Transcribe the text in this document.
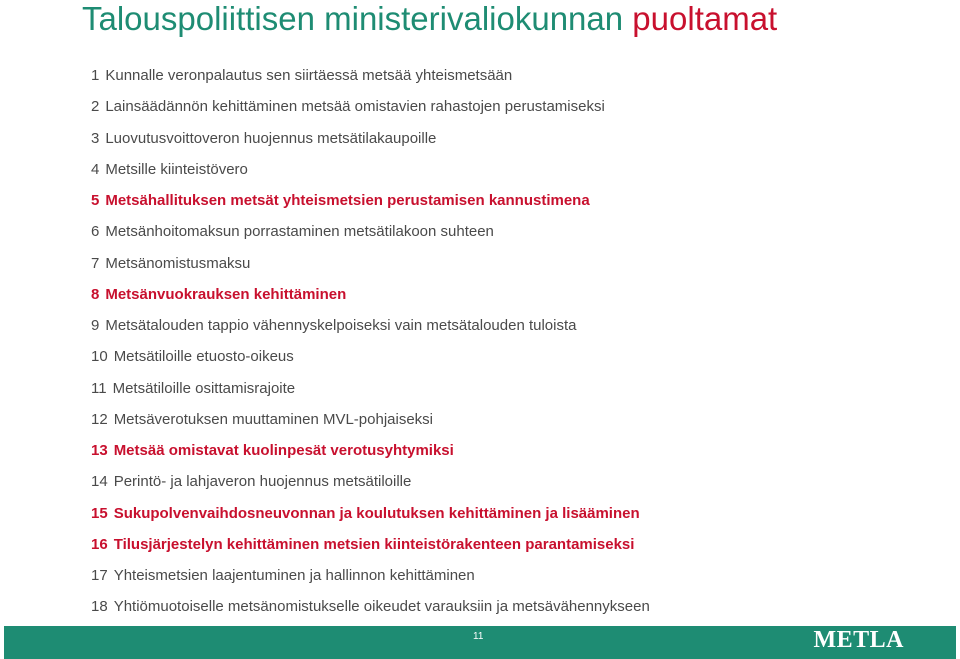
Talouspoliittisen ministerivaliokunnan puoltamat
1 Kunnalle veronpalautus sen siirtäessä metsää yhteismetsään
2 Lainsäädännön kehittäminen metsää omistavien rahastojen perustamiseksi
3 Luovutusvoittoveron huojennus metsätilakaupoille
4 Metsille kiinteistövero
5 Metsähallituksen metsät yhteismetsien perustamisen kannustimena
6 Metsänhoitomaksun porrastaminen metsätilakoon suhteen
7 Metsänomistusmaksu
8 Metsänvuokrauksen kehittäminen
9 Metsätalouden tappio vähennyskelpoiseksi vain metsätalouden tuloista
10 Metsätiloille etuosto-oikeus
11 Metsätiloille osittamisrajoite
12 Metsäverotuksen muuttaminen MVL-pohjaiseksi
13 Metsää omistavat kuolinpesät verotusyhtymiksi
14 Perintö- ja lahjaveron huojennus metsätiloille
15 Sukupolvenvaihdosneuvonnan ja koulutuksen kehittäminen ja lisääminen
16 Tilusjärjestelyn kehittäminen metsien kiinteistörakenteen parantamiseksi
17 Yhteismetsien laajentuminen ja hallinnon kehittäminen
18 Yhtiömuotoiselle metsänomistukselle oikeudet varauksiin ja metsävähennykseen
11	METLA
